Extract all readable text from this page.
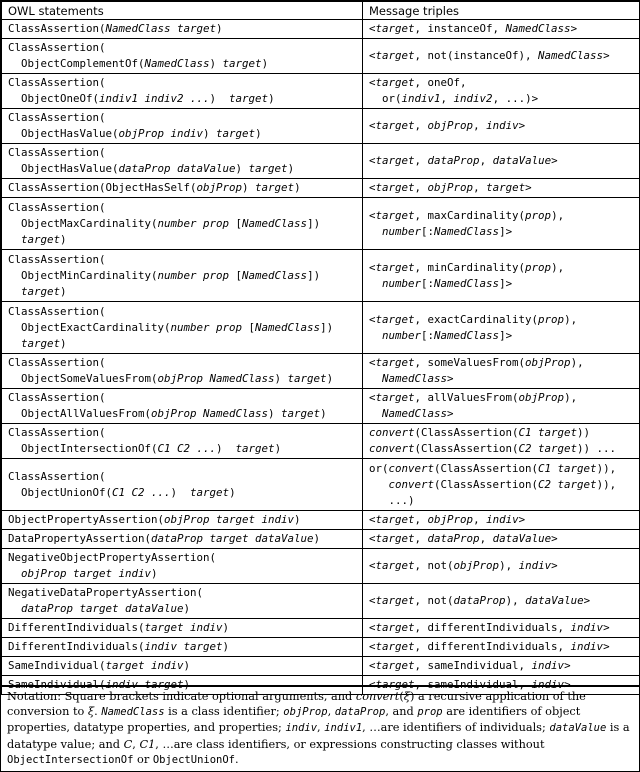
OWL statements	Message triples
ClassAssertion(NamedClass target)	<target, instanceOf, NamedClass>
ClassAssertion(
ObjectComplementOf(NamedClass) target)	<target, not(instanceOf), NamedClass>
ClassAssertion(
ObjectOneOf(indiv1 indiv2 ...)  target)	<target, oneOf,
or(indiv1, indiv2, ...)>
ClassAssertion(
ObjectHasValue(objProp indiv) target)	<target, objProp, indiv>
ClassAssertion(
ObjectHasValue(dataProp dataValue) target)	<target, dataProp, dataValue>
ClassAssertion(ObjectHasSelf(objProp) target)	<target, objProp, target>
ClassAssertion(
ObjectMaxCardinality(number prop [NamedClass])
target)	<target, maxCardinality(prop),
number[:NamedClass]>
ClassAssertion(
ObjectMinCardinality(number prop [NamedClass])
target)	<target, minCardinality(prop),
number[:NamedClass]>
ClassAssertion(
ObjectExactCardinality(number prop [NamedClass])
target)	<target, exactCardinality(prop),
number[:NamedClass]>
ClassAssertion(
ObjectSomeValuesFrom(objProp NamedClass) target)	<target, someValuesFrom(objProp),
NamedClass>
ClassAssertion(
ObjectAllValuesFrom(objProp NamedClass) target)	<target, allValuesFrom(objProp),
NamedClass>
ClassAssertion(
ObjectIntersectionOf(C1 C2 ...)  target)	convert(ClassAssertion(C1 target))
convert(ClassAssertion(C2 target)) ...
ClassAssertion(
ObjectUnionOf(C1 C2 ...)  target)	or(convert(ClassAssertion(C1 target)),
convert(ClassAssertion(C2 target)),
...)
ObjectPropertyAssertion(objProp target indiv)	<target, objProp, indiv>
DataPropertyAssertion(dataProp target dataValue)	<target, dataProp, dataValue>
NegativeObjectPropertyAssertion(
objProp target indiv)	<target, not(objProp), indiv>
NegativeDataPropertyAssertion(
dataProp target dataValue)	<target, not(dataProp), dataValue>
DifferentIndividuals(target indiv)	<target, differentIndividuals, indiv>
DifferentIndividuals(indiv target)	<target, differentIndividuals, indiv>
SameIndividual(target indiv)	<target, sameIndividual, indiv>
SameIndividual(indiv target)	<target, sameIndividual, indiv>
Notation: Square brackets indicate optional arguments, and convert(ξ) a recursive application of the conversion to ξ. NamedClass is a class identifier; objProp, dataProp, and prop are identifiers of object properties, datatype properties, and properties; indiv, indiv1, …are identifiers of individuals; dataValue is a datatype value; and C, C1, …are class identifiers, or expressions constructing classes without ObjectIntersectionOf or ObjectUnionOf.
